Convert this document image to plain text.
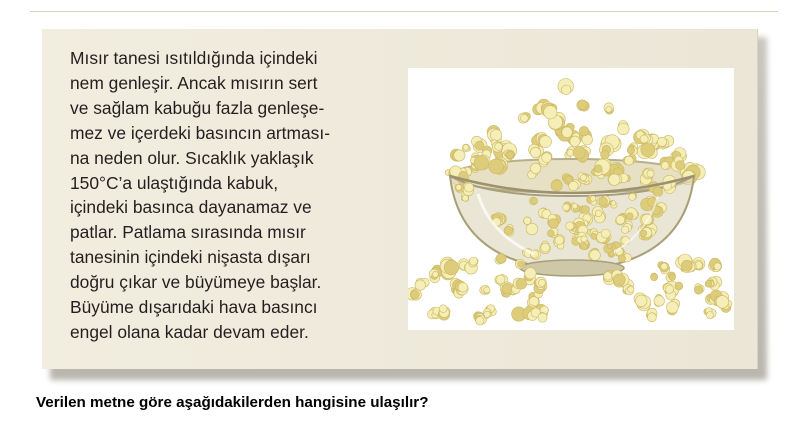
Mısır tanesi ısıtıldığında içindeki
nem genleşir. Ancak mısırın sert
ve sağlam kabuğu fazla genleşe-
mez ve içerdeki basıncın artması-
na neden olur. Sıcaklık yaklaşık
150°C’a ulaştığında kabuk,
içindeki basınca dayanamaz ve
patlar. Patlama sırasında mısır
tanesinin içindeki nişasta dışarı
doğru çıkar ve büyümeye başlar.
Büyüme dışarıdaki hava basıncı
engel olana kadar devam eder.

Verilen metne göre aşağıdakilerden hangisine ulaşılır?
